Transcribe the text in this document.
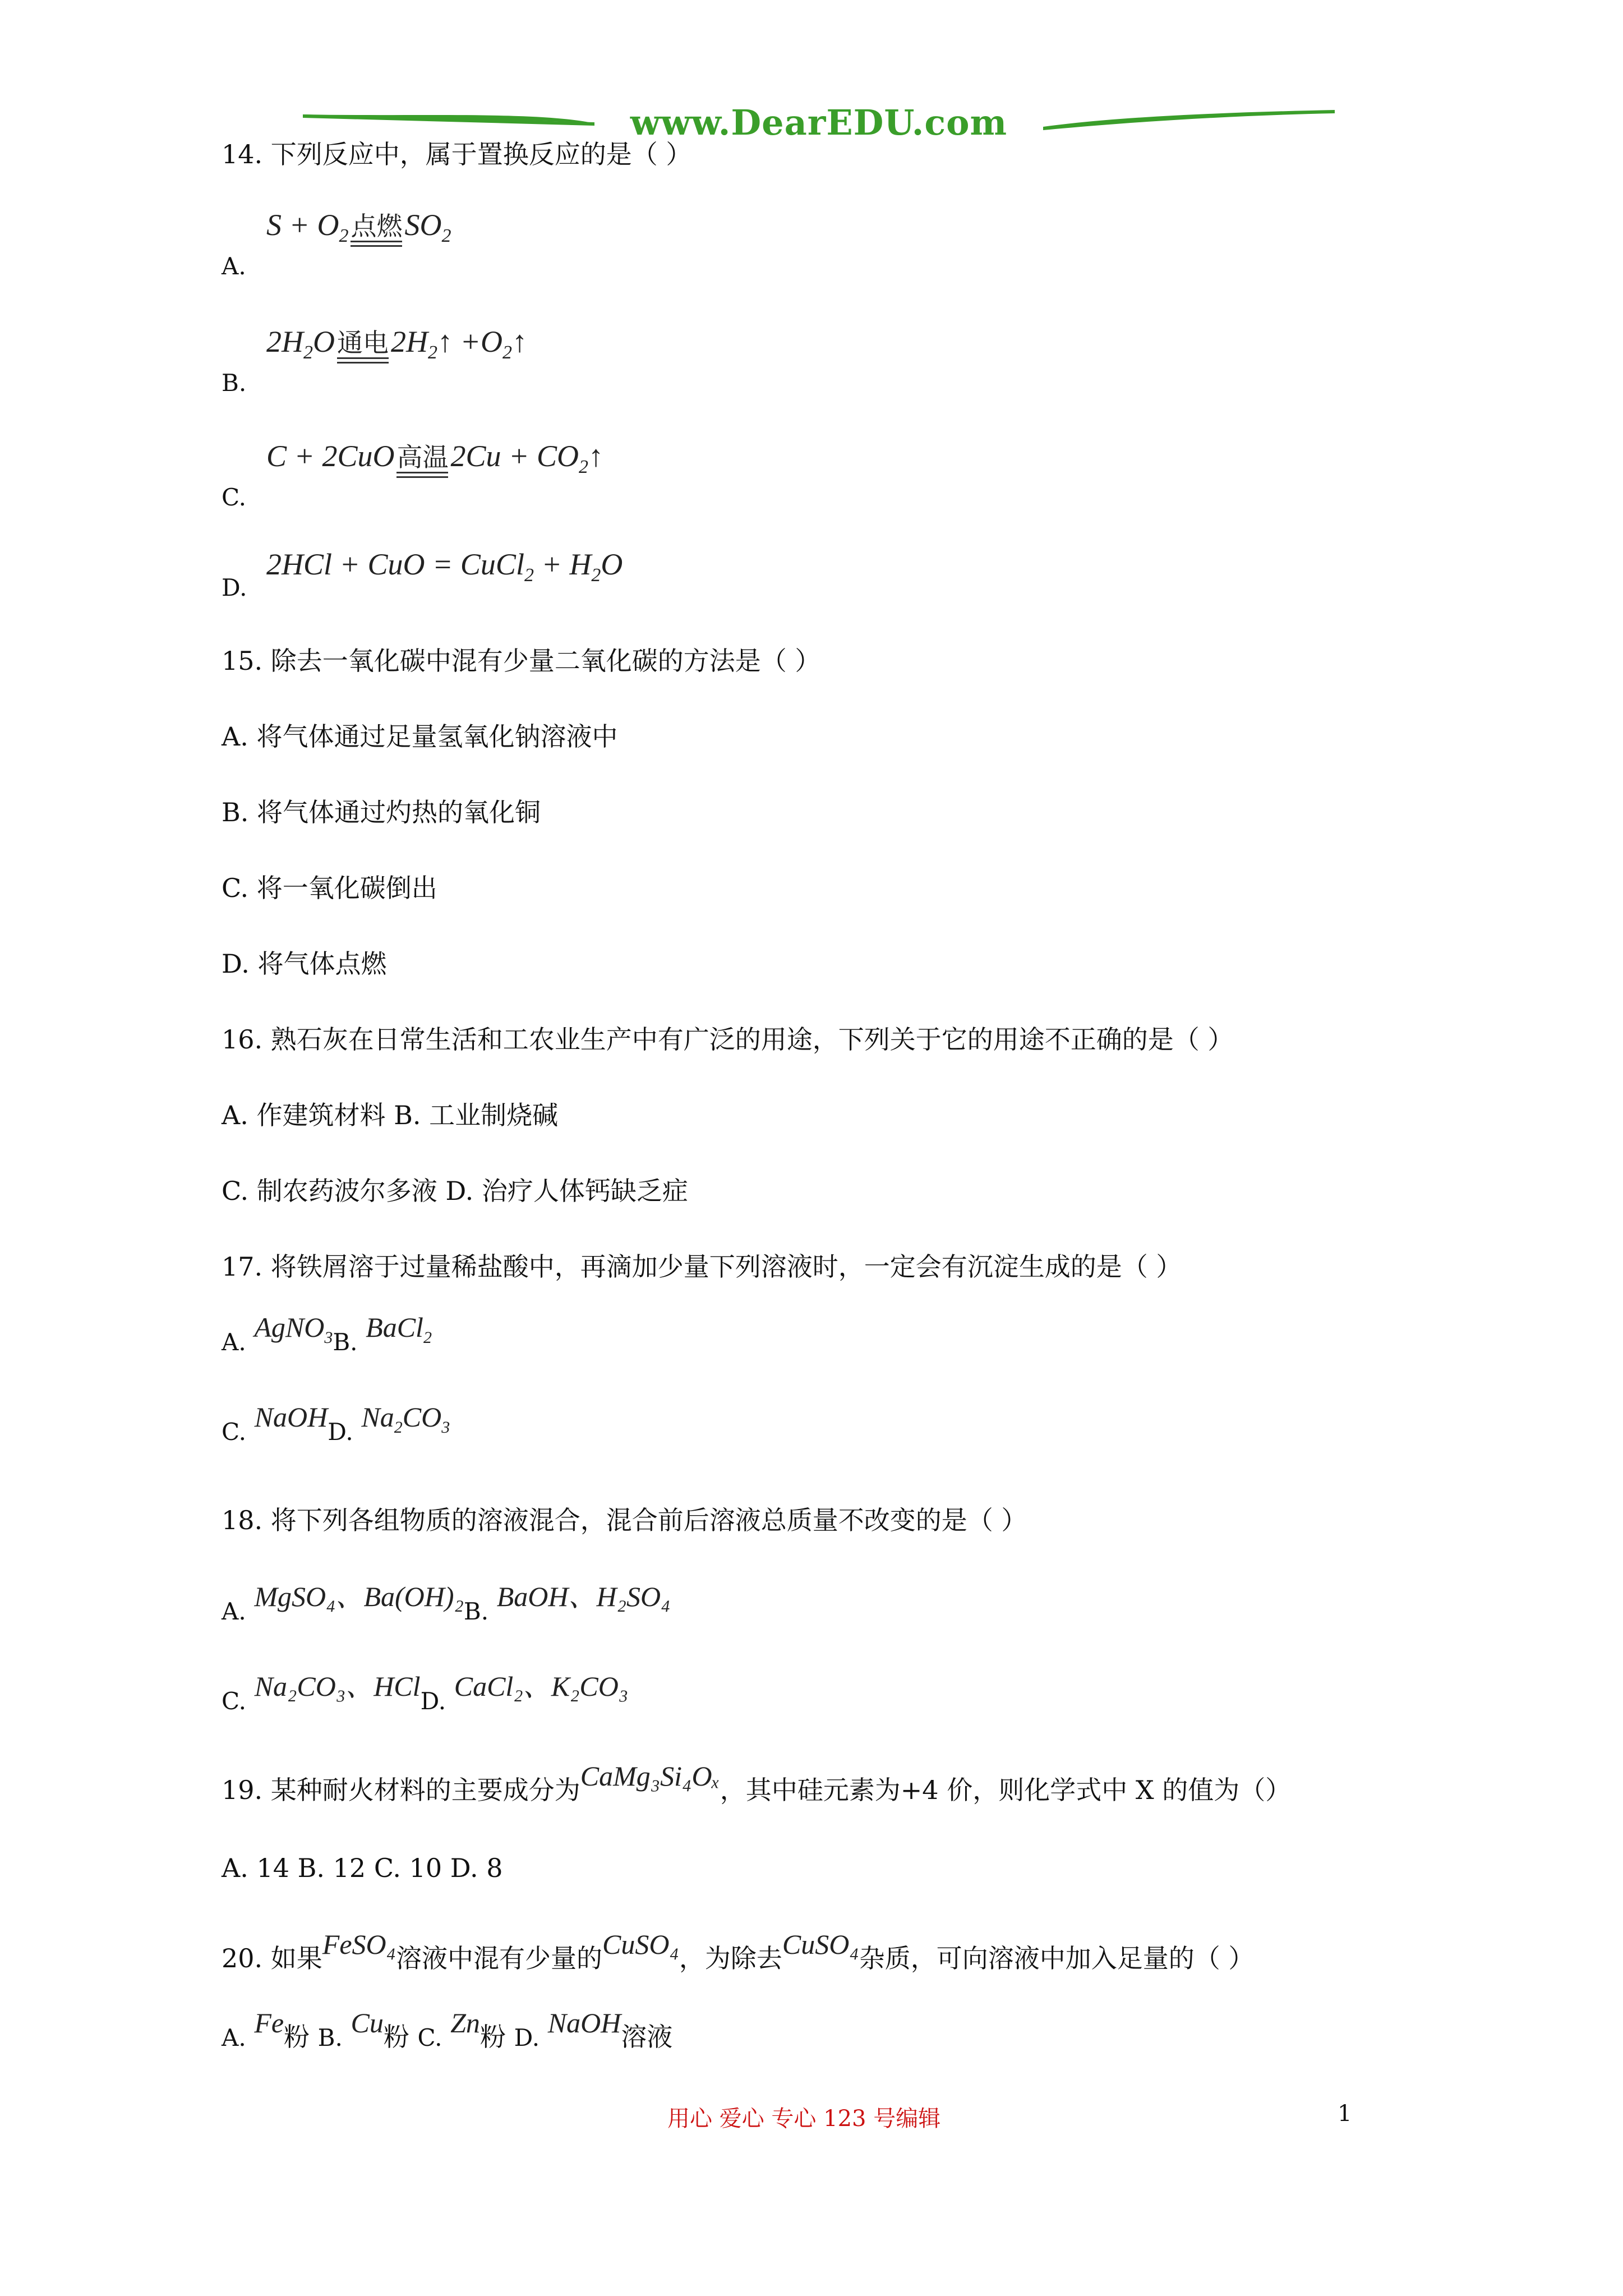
www.DearEDU.com
14. 下列反应中，属于置换反应的是（ ）
A.
$S + O_2$ 点燃 $SO_2$
B.
$2H_2O$ 通电 $2H_2↑$ $+O_2↑$
C.
C + 2CuO 高温 $2Cu + CO_2↑$
D.
2HCl + CuO = CuCl$_2$ + $H_2O$
15. 除去一氧化碳中混有少量二氧化碳的方法是（ ）
A. 将气体通过足量氢氧化钠溶液中
B. 将气体通过灼热的氧化铜
C. 将一氧化碳倒出
D. 将气体点燃
16. 熟石灰在日常生活和工农业生产中有广泛的用途，下列关于它的用途不正确的是（ ）
A. 作建筑材料 B. 工业制烧碱
C. 制农药波尔多液 D. 治疗人体钙缺乏症
17. 将铁屑溶于过量稀盐酸中，再滴加少量下列溶液时，一定会有沉淀生成的是（ ）
A. AgNO$_3$B. BaCl$_2$
C. NaOHD. $Na_2CO_3$
18. 将下列各组物质的溶液混合，混合前后溶液总质量不改变的是（ ）
A. MgSO₄、Ba(OH)₂B. BaOH、H₂SO₄
C. Na₂CO₃、HClD. CaCl₂、K₂CO₃
19. 某种耐火材料的主要成分为CaMg₃Si₄Oₓ，其中硅元素为+4 价，则化学式中 X 的值为（）
A. 14 B. 12 C. 10 D. 8
20. 如果FeSO₄溶液中混有少量的CuSO₄，为除去CuSO₄杂质，可向溶液中加入足量的（ ）
A. Fe粉 B. Cu粉 C. Zn粉 D. NaOH溶液
用心 爱心 专心 123 号编辑	1
